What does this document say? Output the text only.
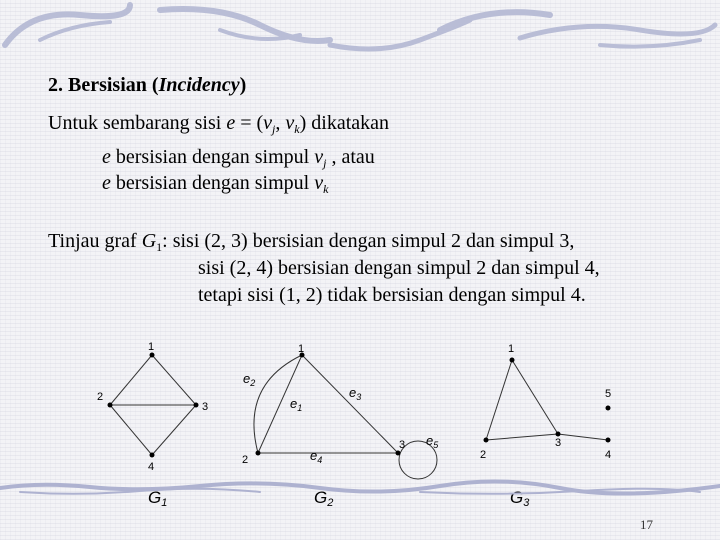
2. Bersisian (Incidency)
Untuk sembarang sisi $e = (v_j$, $v_k$) dikatakan
e bersisian dengan simpul $v_j$ , atau
e bersisian dengan simpul $v_k$
Tinjau graf $G_1$: sisi (2, 3) bersisian dengan simpul 2 dan simpul 3,
sisi (2, 4) bersisian dengan simpul 2 dan simpul 4,
tetapi sisi (1, 2) tidak bersisian dengan simpul 4.
1
2
3
4
G1
1
2
3
$e_2$
$e_3$
$e_1$
$e_4$
$e_5$
G2
1
2
3
4
5
G3
17
